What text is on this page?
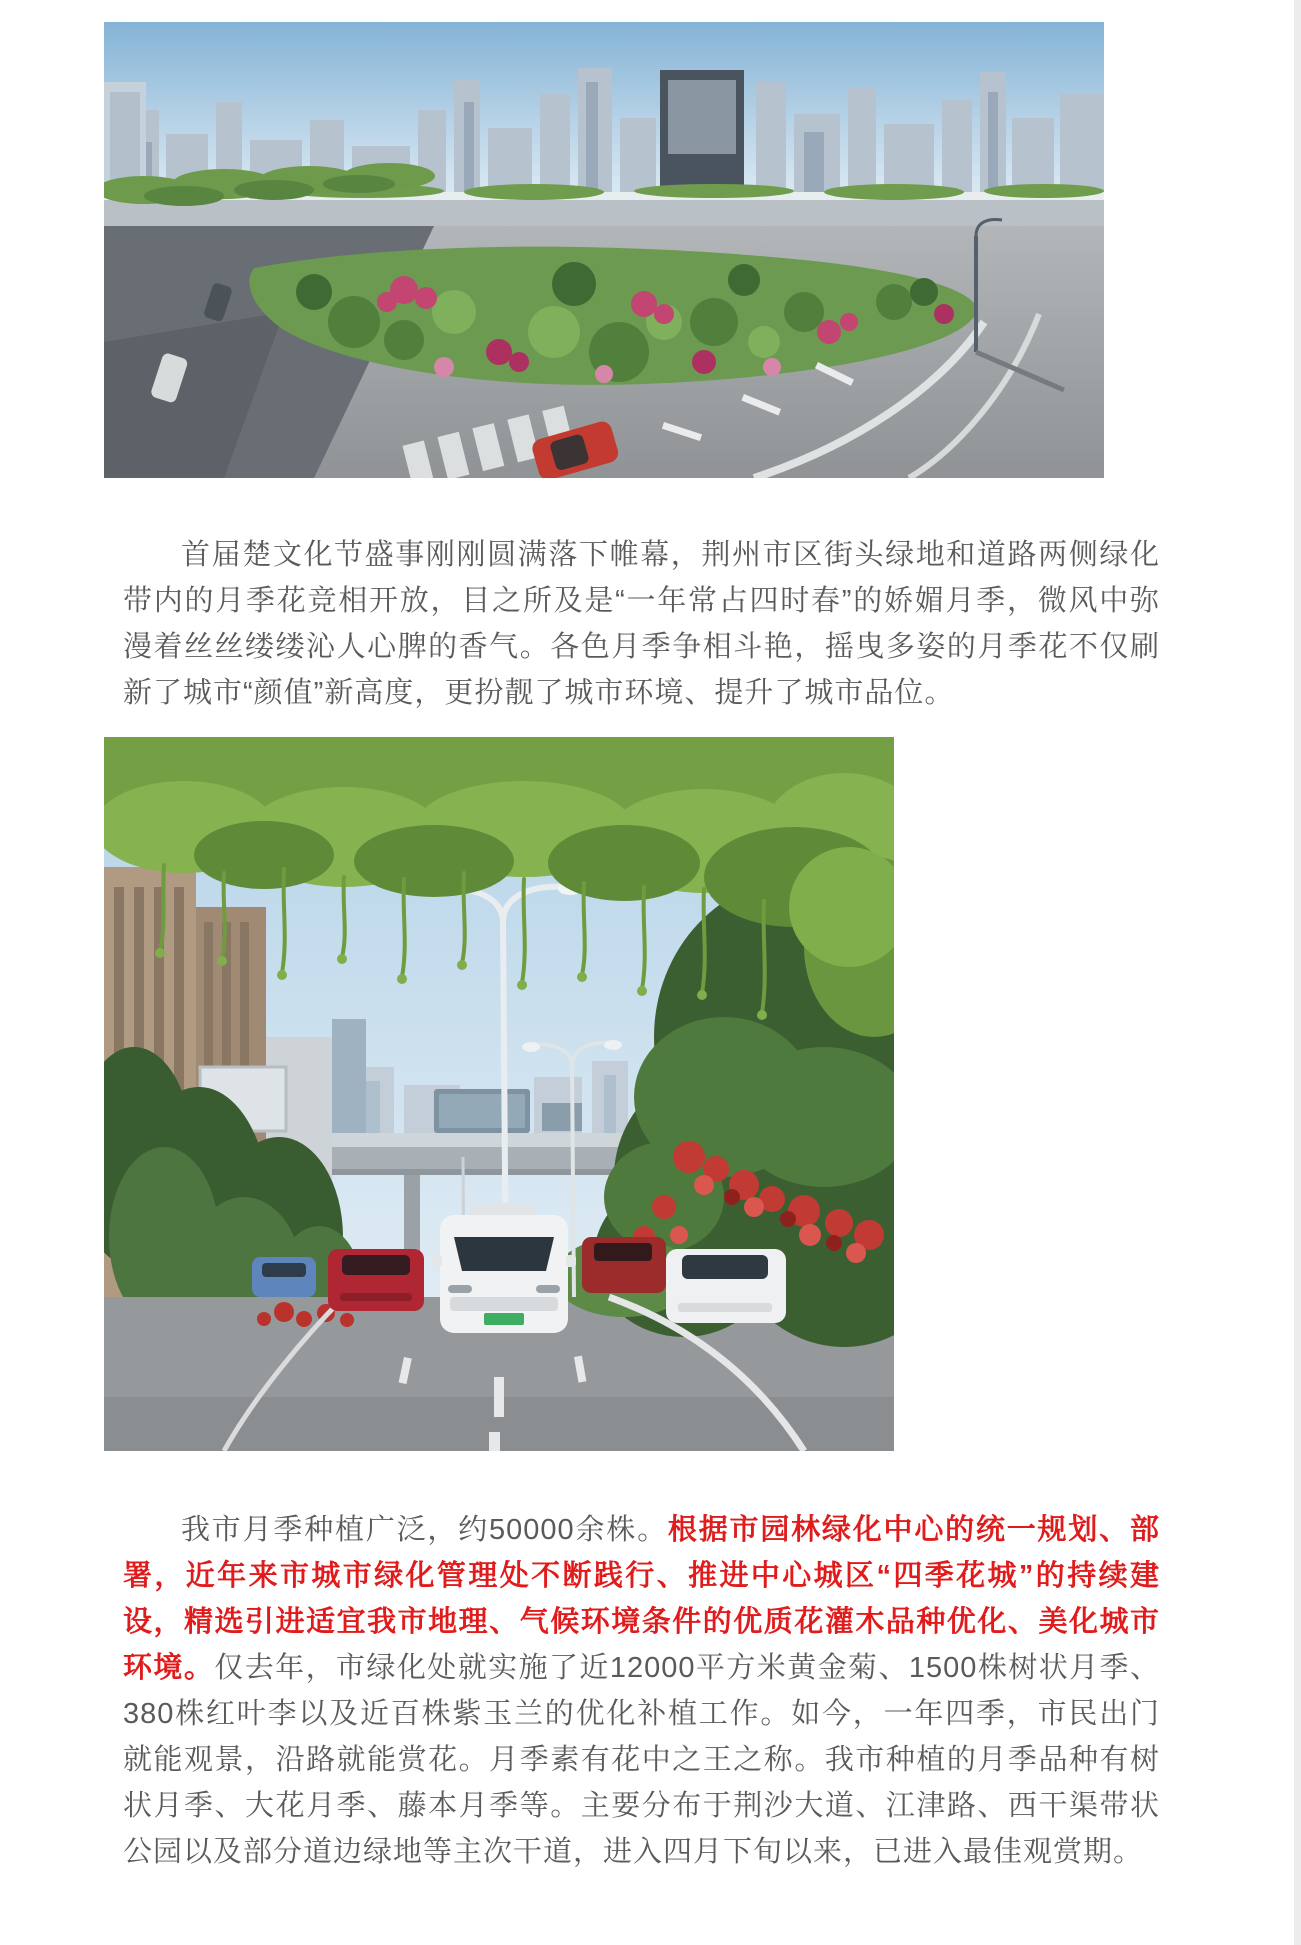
首届楚文化节盛事刚刚圆满落下帷幕，荆州市区街头绿地和道路两侧绿化带内的月季花竞相开放，目之所及是“一年常占四时春”的娇媚月季，微风中弥漫着丝丝缕缕沁人心脾的香气。各色月季争相斗艳，摇曳多姿的月季花不仅刷新了城市“颜值”新高度，更扮靓了城市环境、提升了城市品位。

我市月季种植广泛，约50000余株。根据市园林绿化中心的统一规划、部署，近年来市城市绿化管理处不断践行、推进中心城区“四季花城”的持续建设，精选引进适宜我市地理、气候环境条件的优质花灌木品种优化、美化城市环境。仅去年，市绿化处就实施了近12000平方米黄金菊、1500株树状月季、380株红叶李以及近百株紫玉兰的优化补植工作。如今，一年四季，市民出门就能观景，沿路就能赏花。月季素有花中之王之称。我市种植的月季品种有树状月季、大花月季、藤本月季等。主要分布于荆沙大道、江津路、西干渠带状公园以及部分道边绿地等主次干道，进入四月下旬以来，已进入最佳观赏期。
